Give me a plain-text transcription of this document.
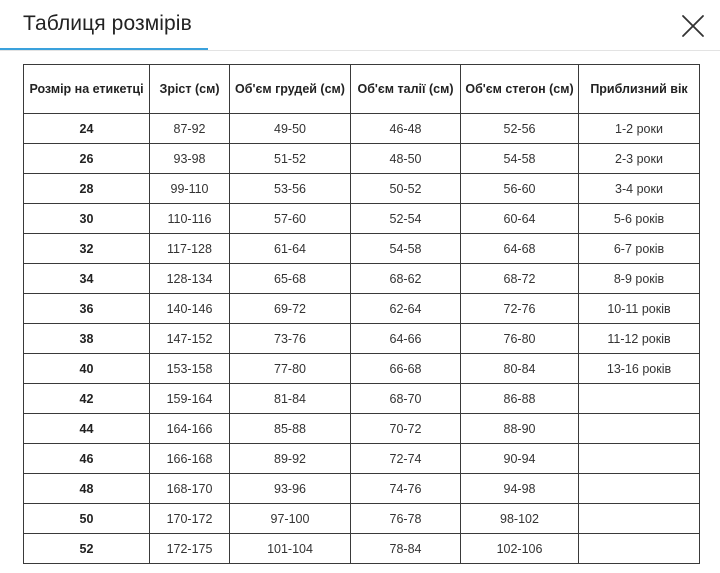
Таблиця розмірів
Розмір на етикетці	Зріст (см)	Об'єм грудей (см)	Об'єм талії (см)	Об'єм стегон (см)	Приблизний вік
24	87-92	49-50	46-48	52-56	1-2 роки
26	93-98	51-52	48-50	54-58	2-3 роки
28	99-110	53-56	50-52	56-60	3-4 роки
30	110-116	57-60	52-54	60-64	5-6 років
32	117-128	61-64	54-58	64-68	6-7 років
34	128-134	65-68	68-62	68-72	8-9 років
36	140-146	69-72	62-64	72-76	10-11 років
38	147-152	73-76	64-66	76-80	11-12 років
40	153-158	77-80	66-68	80-84	13-16 років
42	159-164	81-84	68-70	86-88	
44	164-166	85-88	70-72	88-90	
46	166-168	89-92	72-74	90-94	
48	168-170	93-96	74-76	94-98	
50	170-172	97-100	76-78	98-102	
52	172-175	101-104	78-84	102-106	
